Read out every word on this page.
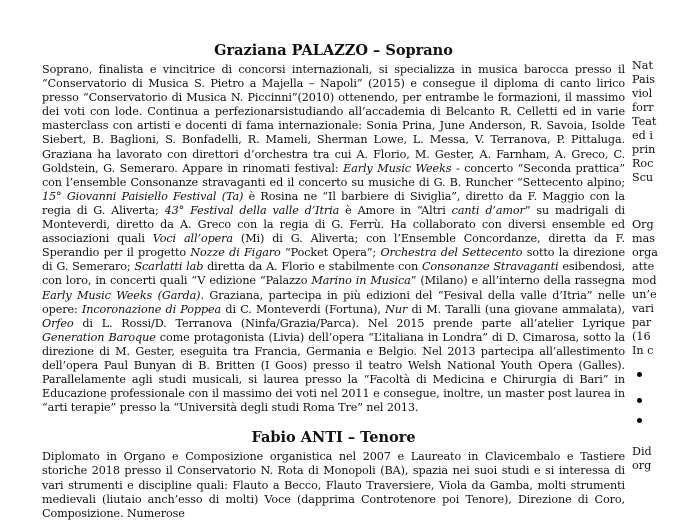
Graziana PALAZZO – Soprano

Soprano, finalista e vincitrice di concorsi internazionali, si specializza in musica barocca presso il “Conservatorio di Musica S. Pietro a Majella – Napoli” (2015) e consegue il diploma di canto lirico presso “Conservatorio di Musica N. Piccinni”(2010) ottenendo, per entrambe le formazioni, il massimo dei voti con lode. Continua a perfezionarsistudiando all’accademia di Belcanto R. Celletti ed in varie masterclass con artisti e docenti di fama internazionale: Sonia Prina, June Anderson, R. Savoia, Isolde Siebert, B. Baglioni, S. Bonfadelli, R. Mameli, Sherman Lowe, L. Messa, V. Terranova, P. Pittaluga. Graziana ha lavorato con direttori d’orchestra tra cui A. Florio, M. Gester, A. Farnham, A. Greco, C. Goldstein, G. Semeraro. Appare in rinomati festival: Early Music Weeks - concerto “Seconda prattica” con l’ensemble Consonanze stravaganti ed il concerto su musiche di G. B. Runcher “Settecento alpino; 15° Giovanni Paisiello Festival (Ta) è Rosina ne “Il barbiere di Siviglia”, diretto da F. Maggio con la regia di G. Aliverta; 43° Festival della valle d’Itria è Amore in “Altri canti d’amor” su madrigali di Monteverdi, diretto da A. Greco con la regia di G. Ferrù. Ha collaborato con diversi ensemble ed associazioni quali Voci all’opera (Mi) di G. Aliverta; con l’Ensemble Concordanze, diretta da F. Sperandio per il progetto Nozze di Figaro “Pocket Opera”; Orchestra del Settecento sotto la direzione di G. Semeraro; Scarlatti lab diretta da A. Florio e stabilmente con Consonanze Stravaganti esibendosi, con loro, in concerti quali “V edizione “Palazzo Marino in Musica” (Milano) e all’interno della rassegna Early Music Weeks (Garda). Graziana, partecipa in più edizioni del “Fesival della valle d’Itria” nelle opere: Incoronazione di Poppea di C. Monteverdi (Fortuna), Nur di M. Taralli (una giovane ammalata), Orfeo di L. Rossi/D. Terranova (Ninfa/Grazia/Parca). Nel 2015 prende parte all’atelier Lyrique Generation Baroque come protagonista (Livia) dell’opera “L’italiana in Londra” di D. Cimarosa, sotto la direzione di M. Gester, eseguita tra Francia, Germania e Belgio. Nel 2013 partecipa all’allestimento dell’opera Paul Bunyan di B. Britten (I Goos) presso il teatro Welsh National Youth Opera (Galles). Parallelamente agli studi musicali, si laurea presso la “Facoltà di Medicina e Chirurgia di Bari” in Educazione professionale con il massimo dei voti nel 2011 e consegue, inoltre, un master post laurea in “arti terapie” presso la “Università degli studi Roma Tre” nel 2013.

Fabio ANTI – Tenore

Diplomato in Organo e Composizione organistica nel 2007 e Laureato in Clavicembalo e Tastiere storiche 2018 presso il Conservatorio N. Rota di Monopoli (BA), spazia nei suoi studi e si interessa di vari strumenti e discipline quali: Flauto a Becco, Flauto Traversiere, Viola da Gamba, molti strumenti medievali (liutaio anch’esso di molti) Voce (dapprima Controtenore poi Tenore), Direzione di Coro, Composizione. Numerose

Nat
Pais
viol
forr
Teat
ed i
prin
Roc
Scu
Org
mas
orga
atte
mod
un’e
vari
par
(16
In c
Did
org
